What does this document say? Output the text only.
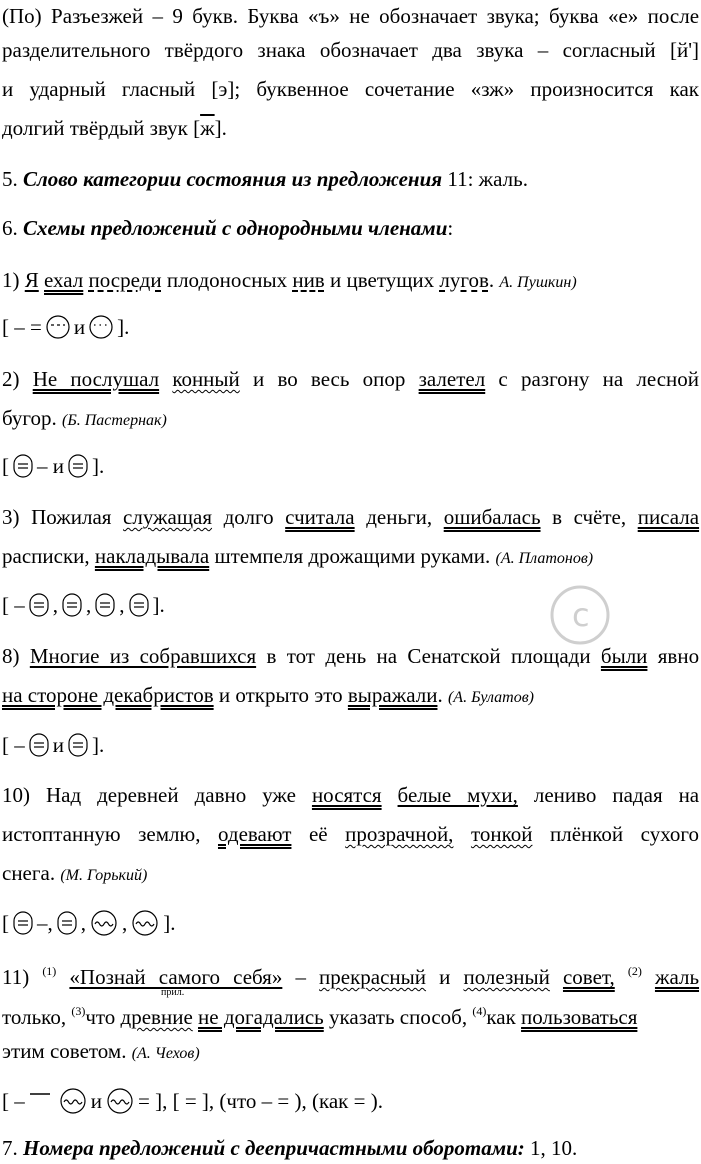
(По) Разъезжей – 9 букв. Буква «ъ» не обозначает звука; буква «е» после
разделительного твёрдого знака обозначает два звука – согласный [й']
и ударный гласный [э]; буквенное сочетание «зж» произносится как
долгий твёрдый звук [ж].
5. Слово категории состояния из предложения 11: жаль.
6. Схемы предложений с однородными членами:
1) Я ехал посреди плодоносных нив и цветущих лугов. А. Пушкин)
[ – = и ].
2) Не послушал конный и во весь опор залетел с разгону на лесной
бугор. (Б. Пастернак)
[ – и ].
3) Пожилая служащая долго считала деньги, ошибалась в счёте, писала
расписки, накладывала штемпеля дрожащими руками. (А. Платонов)
[ – , , , ].
8) Многие из собравшихся в тот день на Сенатской площади были явно
на стороне декабристов и открыто это выражали. (А. Булатов)
[ – и ].
10) Над деревней давно уже носятся белые мухи, лениво падая на
истоптанную землю, одевают её прозрачной, тонкой плёнкой сухого
снега. (М. Горький)
[ – , , , ].
11) $^{(1)}$ «Познай самого себя» – прекрасный и полезный совет, $^{(2)}$ жаль
прил.
только, $^{(3)}$что древние не догадались указать способ, $^{(4)}$как пользоваться
этим советом. (А. Чехов)
[ –	и = ], [ = ], (что – = ), (как = ).
7. Номера предложений с деепричастными оборотами: 1, 10.
c
